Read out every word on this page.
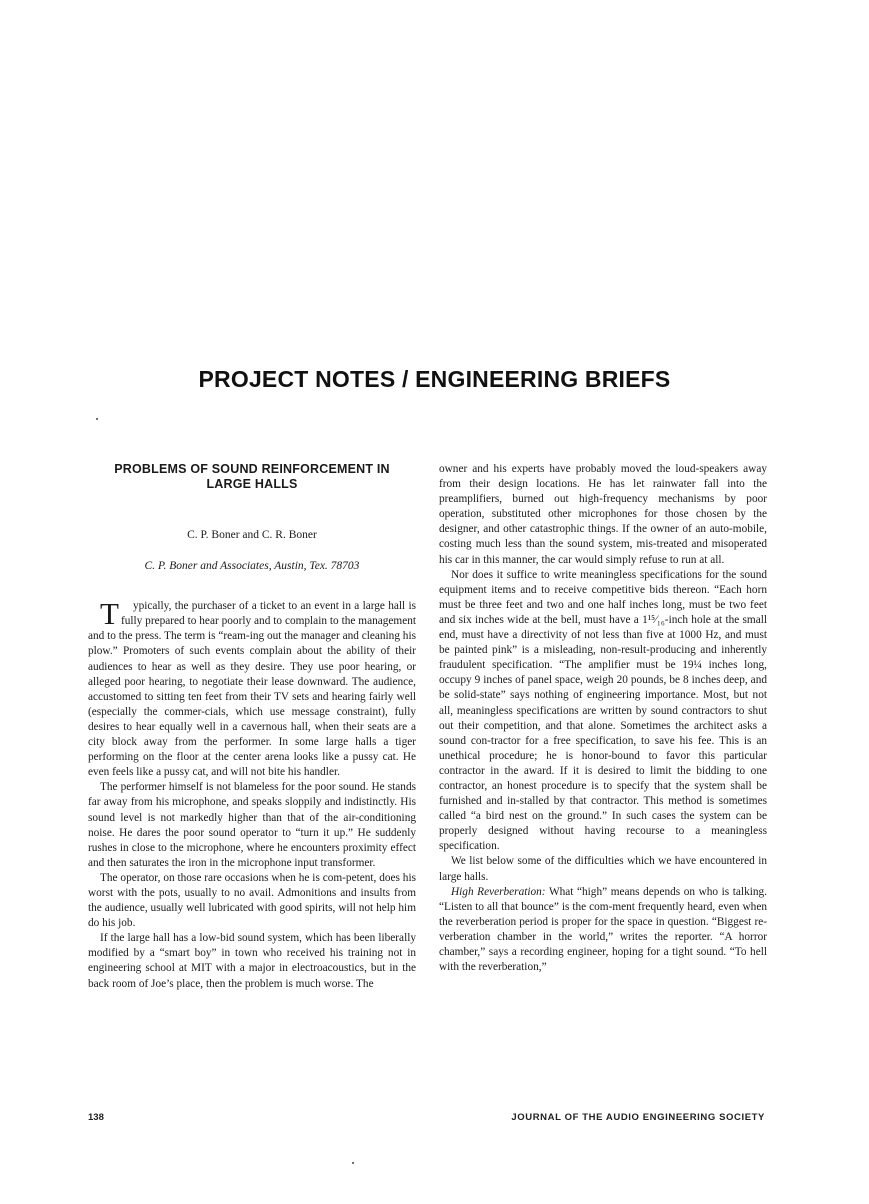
PROJECT NOTES / ENGINEERING BRIEFS
PROBLEMS OF SOUND REINFORCEMENT IN LARGE HALLS
C. P. Boner and C. R. Boner
C. P. Boner and Associates, Austin, Tex. 78703

T ypically, the purchaser of a ticket to an event in a large hall is fully prepared to hear poorly and to complain to the management and to the press. The term is “ream-ing out the manager and cleaning his plow.” Promoters of such events complain about the ability of their audiences to hear as well as they desire. They use poor hearing, or alleged poor hearing, to negotiate their lease downward. The audience, accustomed to sitting ten feet from their TV sets and hearing fairly well (especially the commer-cials, which use message constraint), fully desires to hear equally well in a cavernous hall, when their seats are a city block away from the performer. In some large halls a tiger performing on the floor at the center arena looks like a pussy cat. He even feels like a pussy cat, and will not bite his handler.

The performer himself is not blameless for the poor sound. He stands far away from his microphone, and speaks sloppily and indistinctly. His sound level is not markedly higher than that of the air-conditioning noise. He dares the poor sound operator to “turn it up.” He suddenly rushes in close to the microphone, where he encounters proximity effect and then saturates the iron in the microphone input transformer.

The operator, on those rare occasions when he is com-petent, does his worst with the pots, usually to no avail. Admonitions and insults from the audience, usually well lubricated with good spirits, will not help him do his job.

If the large hall has a low-bid sound system, which has been liberally modified by a “smart boy” in town who received his training not in engineering school at MIT with a major in electroacoustics, but in the back room of Joe’s place, then the problem is much worse. The

owner and his experts have probably moved the loud-speakers away from their design locations. He has let rainwater fall into the preamplifiers, burned out high-frequency mechanisms by poor operation, substituted other microphones for those chosen by the designer, and other catastrophic things. If the owner of an auto-mobile, costing much less than the sound system, mis-treated and misoperated his car in this manner, the car would simply refuse to run at all.

Nor does it suffice to write meaningless specifications for the sound equipment items and to receive competitive bids thereon. “Each horn must be three feet and two and one half inches long, must be two feet and six inches wide at the bell, must have a 1¹⁵⁄₁₆-inch hole at the small end, must have a directivity of not less than five at 1000 Hz, and must be painted pink” is a misleading, non-result-producing and inherently fraudulent specification. “The amplifier must be 19¼ inches long, occupy 9 inches of panel space, weigh 20 pounds, be 8 inches deep, and be solid-state” says nothing of engineering importance. Most, but not all, meaningless specifications are written by sound contractors to shut out their competition, and that alone. Sometimes the architect asks a sound con-tractor for a free specification, to save his fee. This is an unethical procedure; he is honor-bound to favor this particular contractor in the award. If it is desired to limit the bidding to one contractor, an honest procedure is to specify that the system shall be furnished and in-stalled by that contractor. This method is sometimes called “a bird nest on the ground.” In such cases the system can be properly designed without having recourse to a meaningless specification.

We list below some of the difficulties which we have encountered in large halls.

High Reverberation: What “high” means depends on who is talking. “Listen to all that bounce” is the com-ment frequently heard, even when the reverberation period is proper for the space in question. “Biggest re-verberation chamber in the world,” writes the reporter. “A horror chamber,” says a recording engineer, hoping for a tight sound. “To hell with the reverberation,”

138	JOURNAL OF THE AUDIO ENGINEERING SOCIETY
